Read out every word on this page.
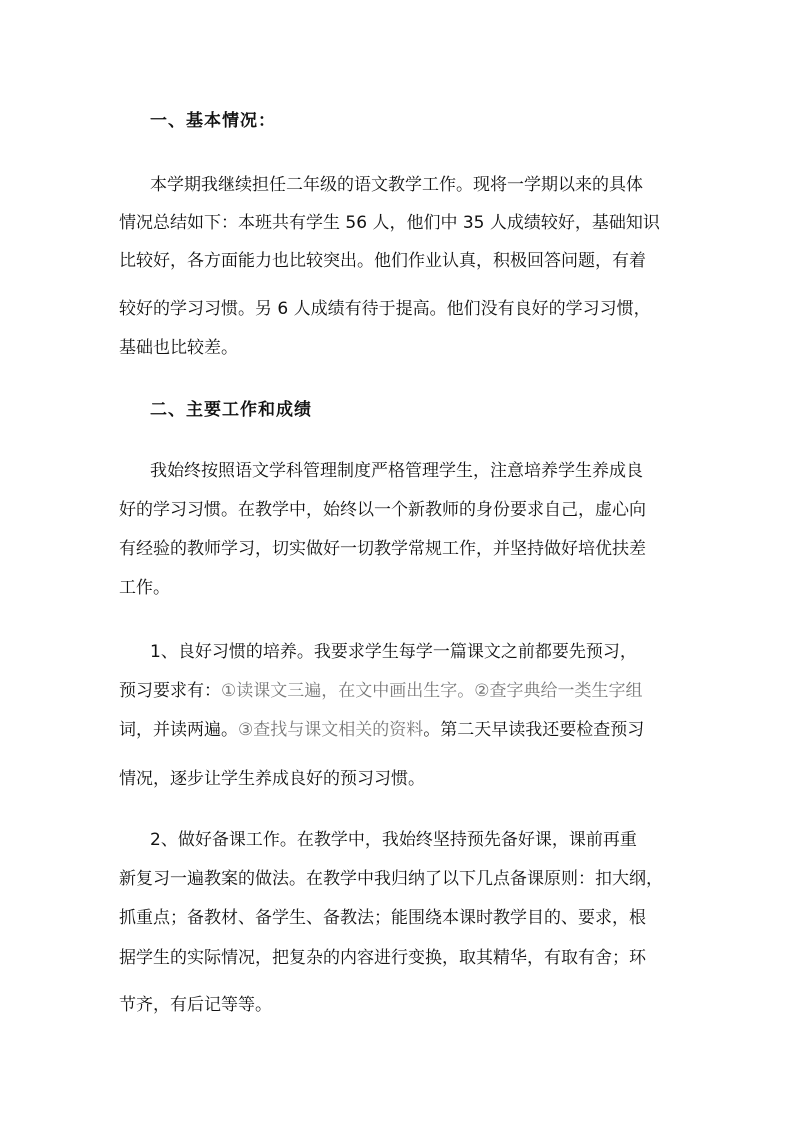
一、基本情况：
本学期我继续担任二年级的语文教学工作。现将一学期以来的具体
情况总结如下：本班共有学生 56 人，他们中 35 人成绩较好，基础知识
比较好，各方面能力也比较突出。他们作业认真，积极回答问题，有着
较好的学习习惯。另 6 人成绩有待于提高。他们没有良好的学习习惯，
基础也比较差。
二、主要工作和成绩
我始终按照语文学科管理制度严格管理学生，注意培养学生养成良
好的学习习惯。在教学中，始终以一个新教师的身份要求自己，虚心向
有经验的教师学习，切实做好一切教学常规工作，并坚持做好培优扶差
工作。
1、良好习惯的培养。我要求学生每学一篇课文之前都要先预习，
预习要求有：①读课文三遍，在文中画出生字。②查字典给一类生字组
词，并读两遍。③查找与课文相关的资料。第二天早读我还要检查预习
情况，逐步让学生养成良好的预习习惯。
2、做好备课工作。在教学中，我始终坚持预先备好课，课前再重
新复习一遍教案的做法。在教学中我归纳了以下几点备课原则：扣大纲，
抓重点；备教材、备学生、备教法；能围绕本课时教学目的、要求，根
据学生的实际情况，把复杂的内容进行变换，取其精华，有取有舍；环
节齐，有后记等等。
